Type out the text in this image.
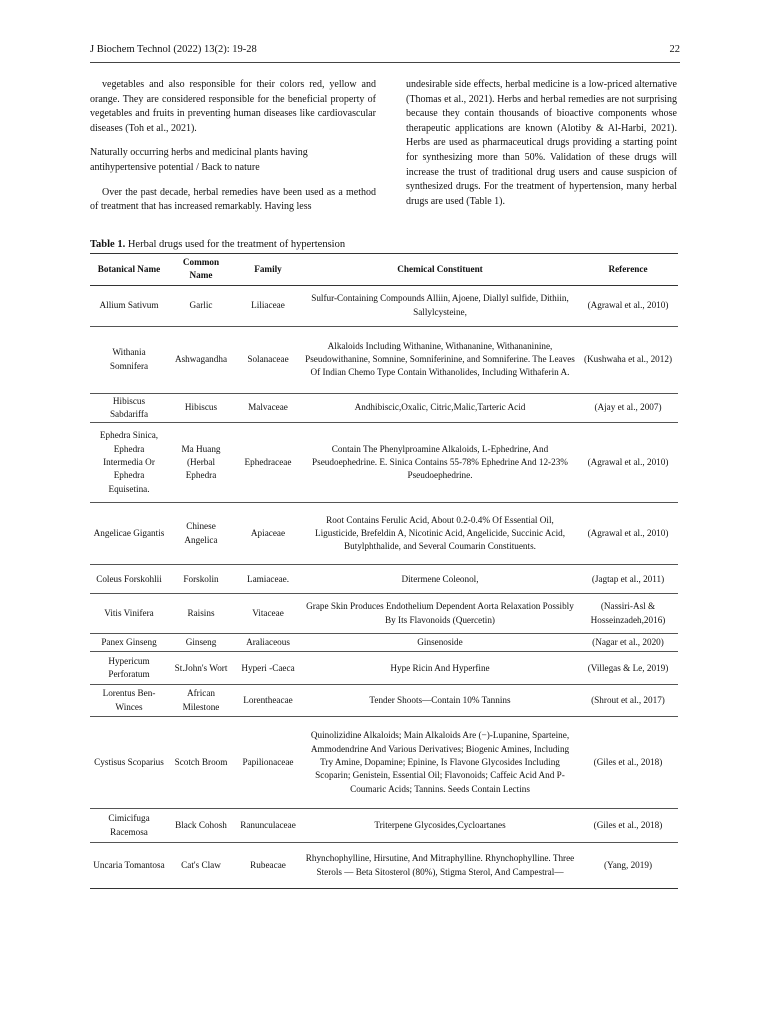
J Biochem Technol (2022) 13(2): 19-28	22

vegetables and also responsible for their colors red, yellow and orange. They are considered responsible for the beneficial property of vegetables and fruits in preventing human diseases like cardiovascular diseases (Toh et al., 2021).

Naturally occurring herbs and medicinal plants having antihypertensive potential / Back to nature

Over the past decade, herbal remedies have been used as a method of treatment that has increased remarkably. Having less

undesirable side effects, herbal medicine is a low-priced alternative (Thomas et al., 2021). Herbs and herbal remedies are not surprising because they contain thousands of bioactive components whose therapeutic applications are known (Alotiby & Al-Harbi, 2021). Herbs are used as pharmaceutical drugs providing a starting point for synthesizing more than 50%. Validation of these drugs will increase the trust of traditional drug users and cause suspicion of synthesized drugs. For the treatment of hypertension, many herbal drugs are used (Table 1).

Table 1. Herbal drugs used for the treatment of hypertension
Botanical Name	Common Name	Family	Chemical Constituent	Reference
Allium Sativum	Garlic	Liliaceae	Sulfur-Containing Compounds Alliin, Ajoene, Diallyl sulfide, Dithiin, Sallylcysteine,	(Agrawal et al., 2010)
Withania Somnifera	Ashwagandha	Solanaceae	Alkaloids Including Withanine, Withananine, Withananinine, Pseudowithanine, Somnine, Somniferinine, and Somniferine. The Leaves Of Indian Chemo Type Contain Withanolides, Including Withaferin A.	(Kushwaha et al., 2012)
Hibiscus Sabdariffa	Hibiscus	Malvaceae	Andhibiscic,Oxalic, Citric,Malic,Tarteric Acid	(Ajay et al., 2007)
Ephedra Sinica, Ephedra Intermedia Or Ephedra Equisetina.	Ma Huang (Herbal Ephedra	Ephedraceae	Contain The Phenylproamine Alkaloids, L-Ephedrine, And Pseudoephedrine. E. Sinica Contains 55-78% Ephedrine And 12-23% Pseudoephedrine.	(Agrawal et al., 2010)
Angelicae Gigantis	Chinese Angelica	Apiaceae	Root Contains Ferulic Acid, About 0.2-0.4% Of Essential Oil, Ligusticide, Brefeldin A, Nicotinic Acid, Angelicide, Succinic Acid, Butylphthalide, and Several Coumarin Constituents.	(Agrawal et al., 2010)
Coleus Forskohlii	Forskolin	Lamiaceae.	Ditermene Coleonol,	(Jagtap et al., 2011)
Vitis Vinifera	Raisins	Vitaceae	Grape Skin Produces Endothelium Dependent Aorta Relaxation Possibly By Its Flavonoids (Quercetin)	(Nassiri-Asl & Hosseinzadeh,2016)
Panex Ginseng	Ginseng	Araliaceous	Ginsenoside	(Nagar et al., 2020)
Hypericum Perforatum	St.John's Wort	Hyperi -Caeca	Hype Ricin And Hyperfine	(Villegas & Le, 2019)
Lorentus Ben-Winces	African Milestone	Lorentheacae	Tender Shoots—Contain 10% Tannins	(Shrout et al., 2017)
Cystisus Scoparius	Scotch Broom	Papilionaceae	Quinolizidine Alkaloids; Main Alkaloids Are (−)-Lupanine, Sparteine, Ammodendrine And Various Derivatives; Biogenic Amines, Including Try Amine, Dopamine; Epinine, Is Flavone Glycosides Including Scoparin; Genistein, Essential Oil; Flavonoids; Caffeic Acid And P-Coumaric Acids; Tannins. Seeds Contain Lectins	(Giles et al., 2018)
Cimicifuga Racemosa	Black Cohosh	Ranunculaceae	Triterpene Glycosides,Cycloartanes	(Giles et al., 2018)
Uncaria Tomantosa	Cat's Claw	Rubeacae	Rhynchophylline, Hirsutine, And Mitraphylline. Rhynchophylline. Three Sterols — Beta Sitosterol (80%), Stigma Sterol, And Campestral—	(Yang, 2019)
